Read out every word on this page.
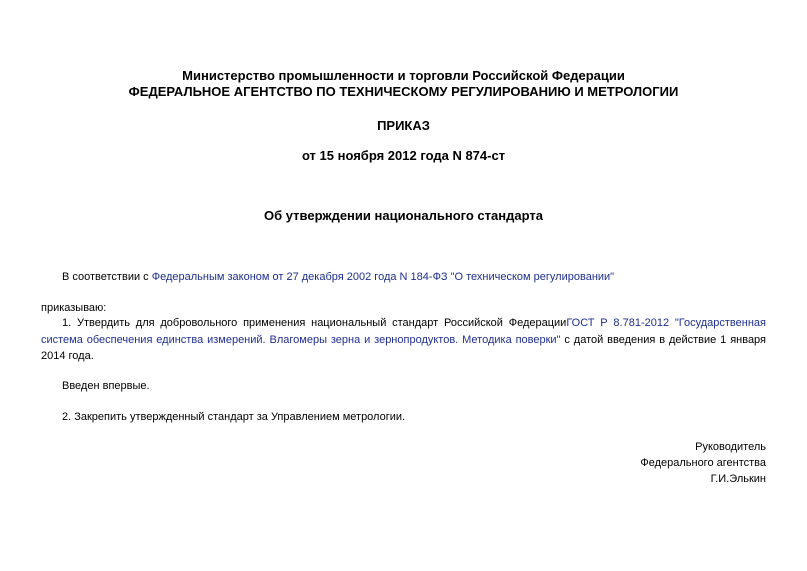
Министерство промышленности и торговли Российской Федерации
ФЕДЕРАЛЬНОЕ АГЕНТСТВО ПО ТЕХНИЧЕСКОМУ РЕГУЛИРОВАНИЮ И МЕТРОЛОГИИ
ПРИКАЗ
от 15 ноября 2012 года N 874-ст
Об утверждении национального стандарта
В соответствии с Федеральным законом от 27 декабря 2002 года N 184-ФЗ "О техническом регулировании"
приказываю:
1. Утвердить для добровольного применения национальный стандарт Российской ФедерацииГОСТ Р 8.781-2012 "Государственная система обеспечения единства измерений. Влагомеры зерна и зернопродуктов. Методика поверки" с датой введения в действие 1 января 2014 года.
Введен впервые.
2. Закрепить утвержденный стандарт за Управлением метрологии.
Руководитель
Федерального агентства
Г.И.Элькин
